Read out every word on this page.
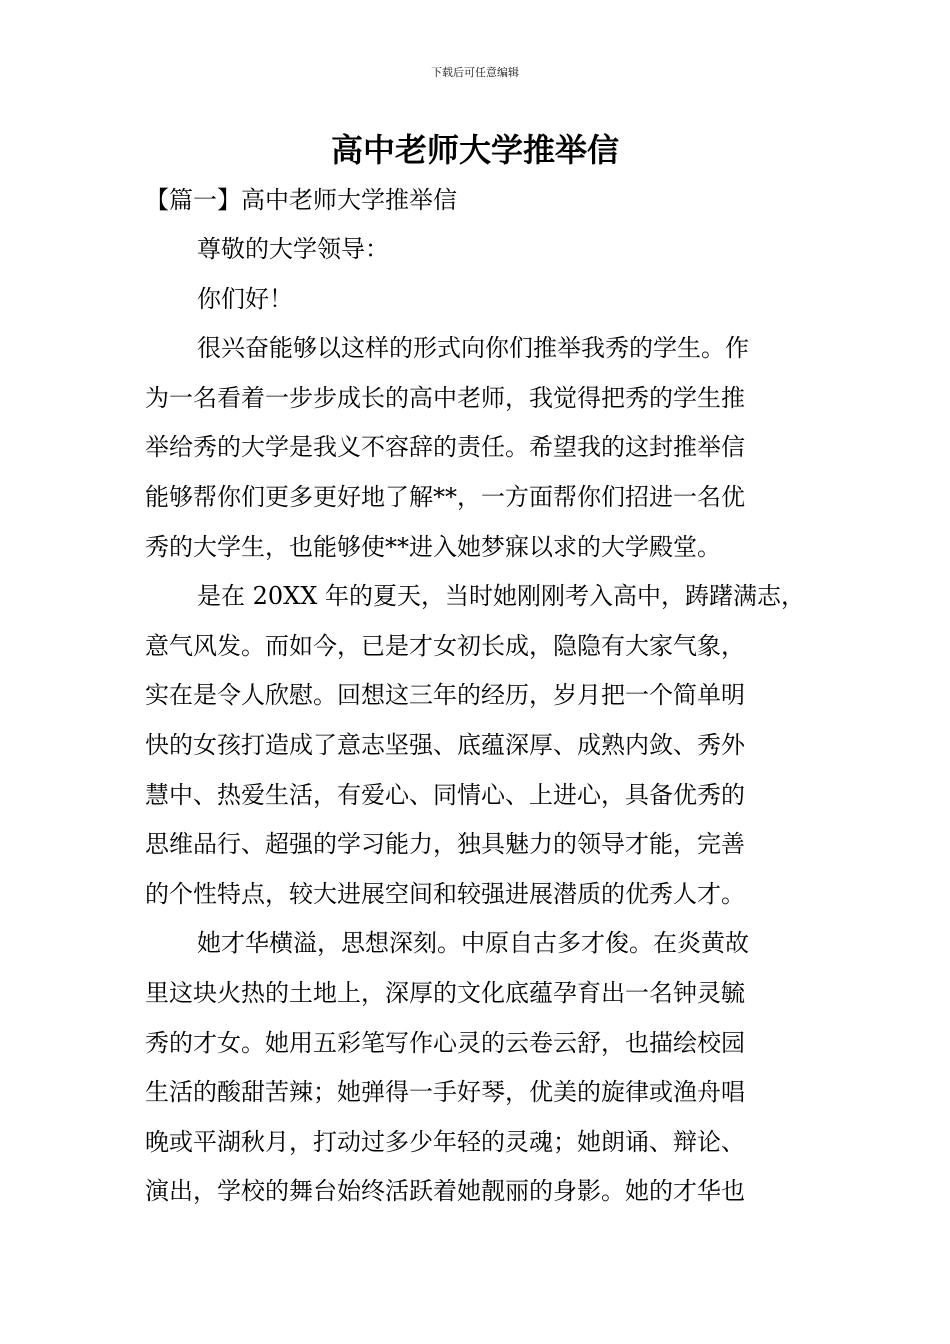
下载后可任意编辑
高中老师大学推举信
【篇一】高中老师大学推举信
尊敬的大学领导：
你们好！
很兴奋能够以这样的形式向你们推举我秀的学生。作
为一名看着一步步成长的高中老师，我觉得把秀的学生推
举给秀的大学是我义不容辞的责任。希望我的这封推举信
能够帮你们更多更好地了解**，一方面帮你们招进一名优
秀的大学生，也能够使**进入她梦寐以求的大学殿堂。
是在 20XX 年的夏天，当时她刚刚考入高中，踌躇满志，
意气风发。而如今，已是才女初长成，隐隐有大家气象，
实在是令人欣慰。回想这三年的经历，岁月把一个简单明
快的女孩打造成了意志坚强、底蕴深厚、成熟内敛、秀外
慧中、热爱生活，有爱心、同情心、上进心，具备优秀的
思维品行、超强的学习能力，独具魅力的领导才能，完善
的个性特点，较大进展空间和较强进展潜质的优秀人才。
她才华横溢，思想深刻。中原自古多才俊。在炎黄故
里这块火热的土地上，深厚的文化底蕴孕育出一名钟灵毓
秀的才女。她用五彩笔写作心灵的云卷云舒，也描绘校园
生活的酸甜苦辣；她弹得一手好琴，优美的旋律或渔舟唱
晚或平湖秋月，打动过多少年轻的灵魂；她朗诵、辩论、
演出，学校的舞台始终活跃着她靓丽的身影。她的才华也
